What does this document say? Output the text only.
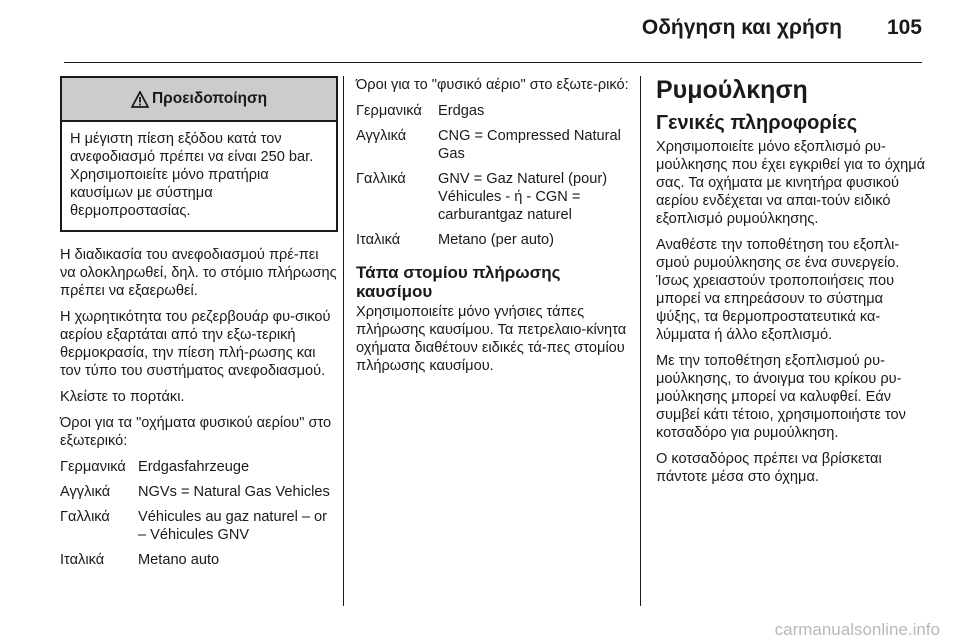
Οδήγηση και χρήση 105
Προειδοποίηση
Η μέγιστη πίεση εξόδου κατά τον ανεφοδιασμό πρέπει να είναι 250 bar. Χρησιμοποιείτε μόνο πρατήρια καυσίμων με σύστημα θερμοπροστασίας.

Η διαδικασία του ανεφοδιασμού πρέ-πει να ολοκληρωθεί, δηλ. το στόμιο πλήρωσης πρέπει να εξαερωθεί.

Η χωρητικότητα του ρεζερβουάρ φυ-σικού αερίου εξαρτάται από την εξω-τερική θερμοκρασία, την πίεση πλή-ρωσης και τον τύπο του συστήματος ανεφοδιασμού.

Κλείστε το πορτάκι.

Όροι για τα "οχήματα φυσικού αερίου" στο εξωτερικό:

Γερμανικά Erdgasfahrzeuge
Αγγλικά	NGVs = Natural Gas Vehicles
Γαλλικά	Véhicules au gaz naturel – or – Véhicules GNV
Ιταλικά	Metano auto

Όροι για το "φυσικό αέριο" στο εξωτε-ρικό:

Γερμανικά	Erdgas
Αγγλικά	CNG = Compressed Natural Gas
Γαλλικά	GNV = Gaz Naturel (pour) Véhicules - ή - CGN = carburantgaz naturel
Ιταλικά	Metano (per auto)
Τάπα στομίου πλήρωσης καυσίμου

Χρησιμοποιείτε μόνο γνήσιες τάπες πλήρωσης καυσίμου. Τα πετρελαιο-κίνητα οχήματα διαθέτουν ειδικές τά-πες στομίου πλήρωσης καυσίμου.

Ρυμούλκηση
Γενικές πληροφορίες

Χρησιμοποιείτε μόνο εξοπλισμό ρυ-μούλκησης που έχει εγκριθεί για το όχημά σας. Τα οχήματα με κινητήρα φυσικού αερίου ενδέχεται να απαι-τούν ειδικό εξοπλισμό ρυμούλκησης.

Αναθέστε την τοποθέτηση του εξοπλι-σμού ρυμούλκησης σε ένα συνεργείο. Ίσως χρειαστούν τροποποιήσεις που μπορεί να επηρεάσουν το σύστημα ψύξης, τα θερμοπροστατευτικά κα-λύμματα ή άλλο εξοπλισμό.

Με την τοποθέτηση εξοπλισμού ρυ-μούλκησης, το άνοιγμα του κρίκου ρυ-μούλκησης μπορεί να καλυφθεί. Εάν συμβεί κάτι τέτοιο, χρησιμοποιήστε τον κοτσαδόρο για ρυμούλκηση.

Ο κοτσαδόρος πρέπει να βρίσκεται πάντοτε μέσα στο όχημα.

carmanualsonline.info
